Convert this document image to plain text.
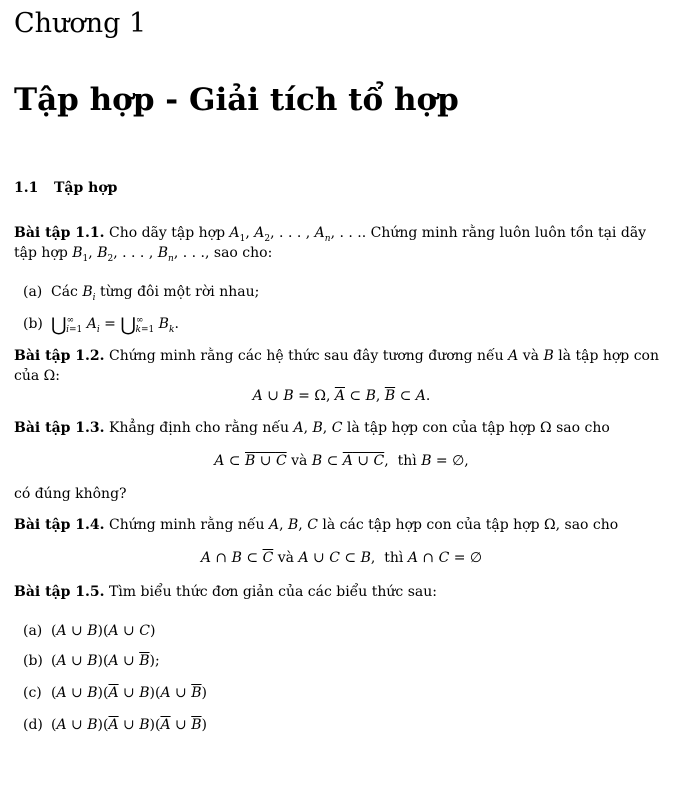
Chương 1
Tập hợp - Giải tích tổ hợp
1.1 Tập hợp
Bài tập 1.1. Cho dãy tập hợp $A_1$, $A_2$, . . . , $A_n$, . . .. Chứng minh rằng luôn luôn tồn tại dãy tập hợp $B_1$, $B_2$, . . . , $B_n$, . . ., sao cho:
(a) Các $B_i$ từng đôi một rời nhau;
(b) $⋃^\infty_{i=1}$ $A_i$ = $⋃^\infty_{k=1}$ $B_k$.
Bài tập 1.2. Chứng minh rằng các hệ thức sau đây tương đương nếu A và B là tập hợp con của Ω:
A ∪ B = Ω, $\overline{A}$ ⊂ B, $\overline{B}$ ⊂ A.
Bài tập 1.3. Khẳng định cho rằng nếu A, B, C là tập hợp con của tập hợp Ω sao cho
A ⊂ B ∪ C và B ⊂ A ∪ C,  thì B = ∅,
có đúng không?
Bài tập 1.4. Chứng minh rằng nếu A, B, C là các tập hợp con của tập hợp Ω, sao cho
A ∩ B ⊂ $\overline{C}$ và A ∪ C ⊂ B,  thì A ∩ C = ∅
Bài tập 1.5. Tìm biểu thức đơn giản của các biểu thức sau:
(a) (A ∪ B)(A ∪ C)
(b) (A ∪ B)(A ∪ $\overline{B}$);
(c) (A ∪ $B)(\overline{A}$ ∪ B)(A ∪ $\overline{B}$)
(d) (A ∪ $B)(\overline{A}$ ∪ $B)(\overline{A}$ ∪ $\overline{B}$)
